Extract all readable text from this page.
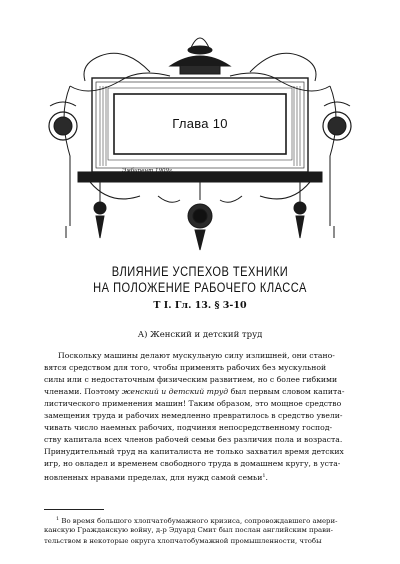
Глава 10
Эмбипент 1909г.
ВЛИЯНИЕ УСПЕХОВ ТЕХНИКИ
НА ПОЛОЖЕНИЕ РАБОЧЕГО КЛАССА
Т I. Гл. 13. § 3-10
А) Женский и детский труд
Поскольку машины делают мускульную силу излишней, они стано-
вятся средством для того, чтобы применять рабочих без мускульной
силы или с недостаточным физическим развитием, но с более гибкими
членами. Поэтому женский и детский труд был первым словом капита-
листического применения машин! Таким образом, это мощное средство
замещения труда и рабочих немедленно превратилось в средство увели-
чивать число наемных рабочих, подчиняя непосредственному господ-
ству капитала всех членов рабочей семьи без различия пола и возраста.
Принудительный труд на капиталиста не только захватил время детских
игр, но овладел и временем свободного труда в домашнем кругу, в уста-
новленных нравами пределах, для нужд самой семьи$^1$.
$^1$ Во время большого хлопчатобумажного кризиса, сопровождавшего амери-
канскую Гражданскую войну, д-р Эдуард Смит был послан английским прави-
тельством в некоторые округа хлопчатобумажной промышленности, чтобы
